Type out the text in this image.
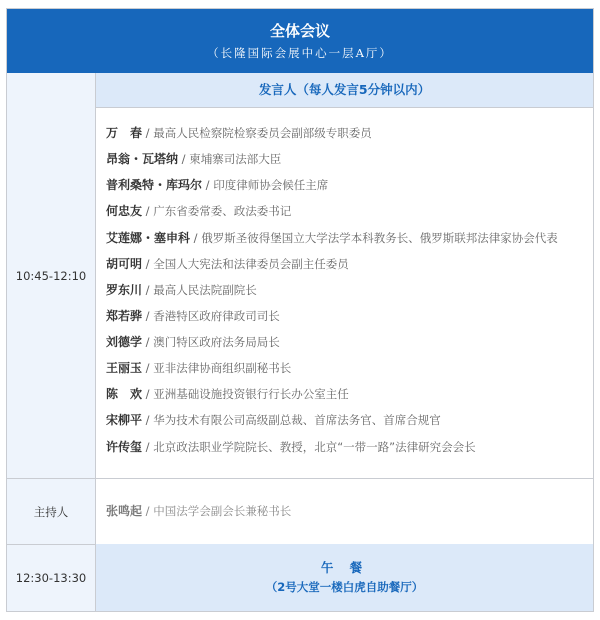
全体会议
（长隆国际会展中心一层A厅）
10:45-12:10
发言人（每人发言5分钟以内）
万　春 / 最高人民检察院检察委员会副部级专职委员
昂翁・瓦塔纳 / 柬埔寨司法部大臣
普利桑特・库玛尔 / 印度律师协会候任主席
何忠友 / 广东省委常委、政法委书记
艾莲娜・塞申科 / 俄罗斯圣彼得堡国立大学法学本科教务长、俄罗斯联邦法律家协会代表
胡可明 / 全国人大宪法和法律委员会副主任委员
罗东川 / 最高人民法院副院长
郑若骅 / 香港特区政府律政司司长
刘德学 / 澳门特区政府法务局局长
王丽玉 / 亚非法律协商组织副秘书长
陈　欢 / 亚洲基础设施投资银行行长办公室主任
宋柳平 / 华为技术有限公司高级副总裁、首席法务官、首席合规官
许传玺 / 北京政法职业学院院长、教授，北京“一带一路”法律研究会会长
主持人	张鸣起 / 中国法学会副会长兼秘书长
12:30-13:30
午 餐
（2号大堂一楼白虎自助餐厅）
